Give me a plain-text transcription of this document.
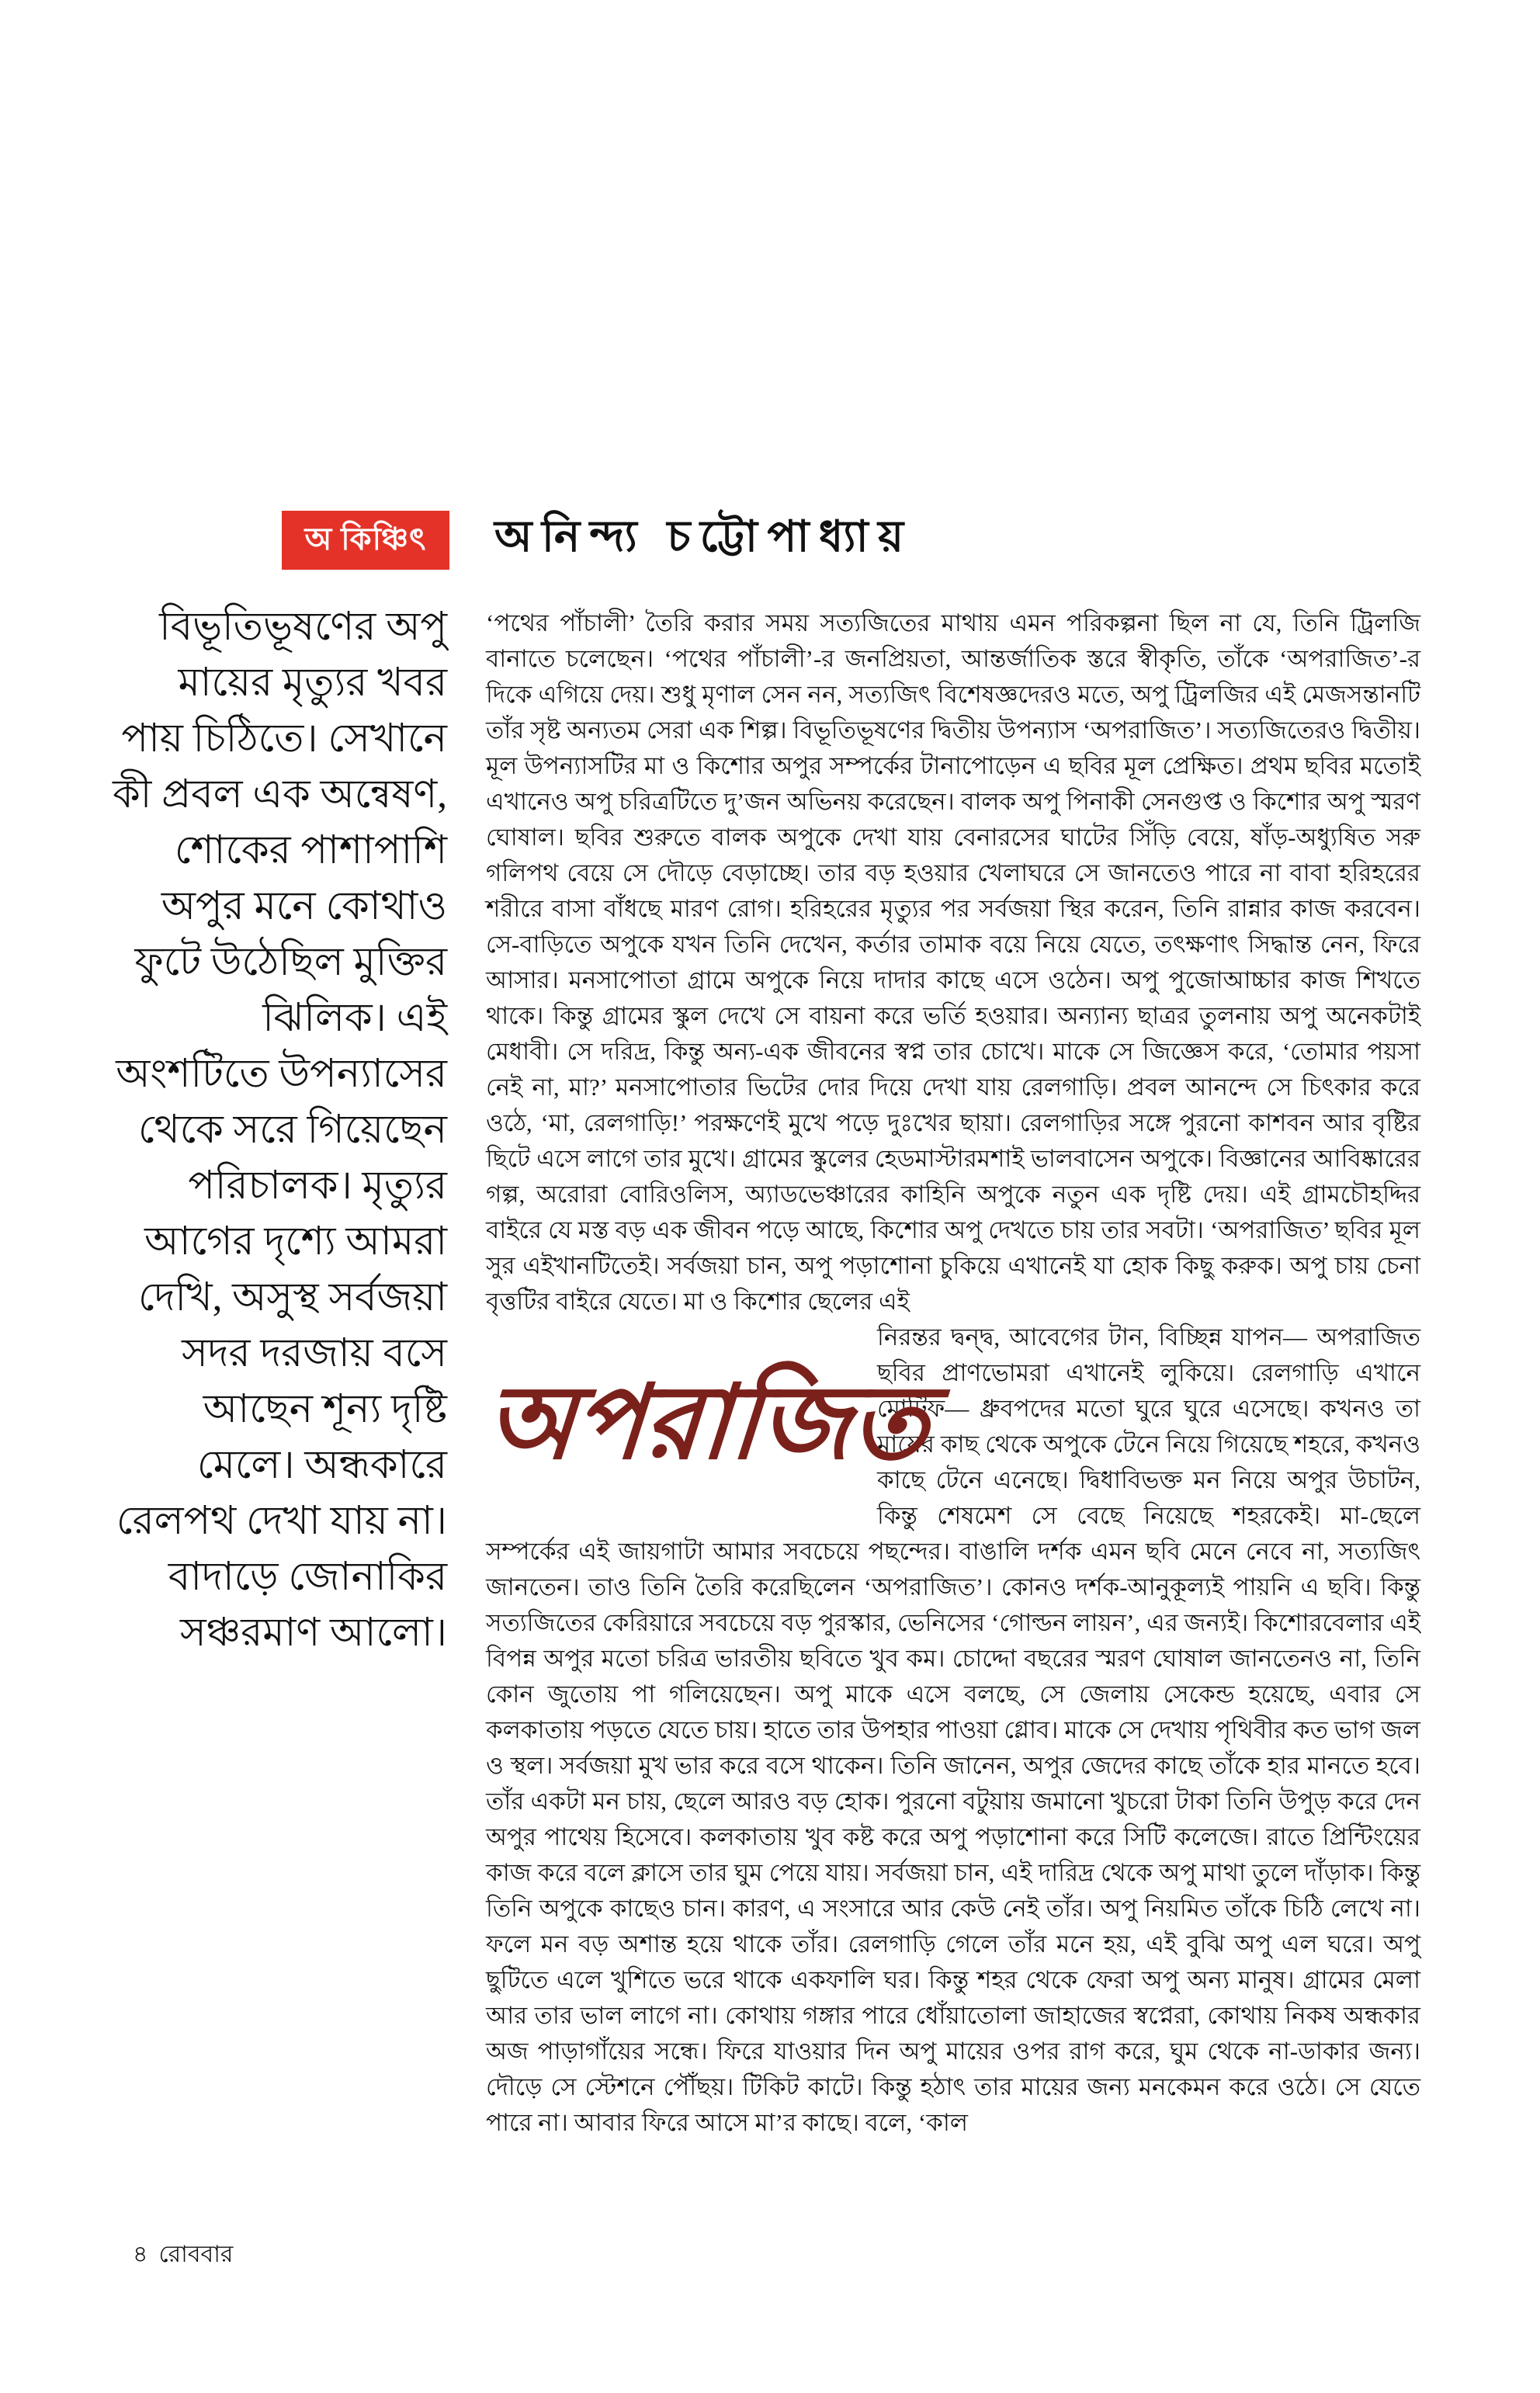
অ কিঞ্চিৎ	অনিন্দ্য চট্টোপাধ্যায়
বিভূতিভূষণের অপু মায়ের মৃত্যুর খবর পায় চিঠিতে। সেখানে কী প্রবল এক অন্বেষণ, শোকের পাশাপাশি অপুর মনে কোথাও ফুটে উঠেছিল মুক্তির ঝিলিক। এই অংশটিতে উপন্যাসের থেকে সরে গিয়েছেন পরিচালক। মৃত্যুর আগের দৃশ্যে আমরা দেখি, অসুস্থ সর্বজয়া সদর দরজায় বসে আছেন শূন্য দৃষ্টি মেলে। অন্ধকারে রেলপথ দেখা যায় না। বাদাড়ে জোনাকির সঞ্চরমাণ আলো।

‘পথের পাঁচালী’ তৈরি করার সময় সত্যজিতের মাথায় এমন পরিকল্পনা ছিল না যে, তিনি ট্রিলজি বানাতে চলেছেন। ‘পথের পাঁচালী’-র জনপ্রিয়তা, আন্তর্জাতিক স্তরে স্বীকৃতি, তাঁকে ‘অপরাজিত’-র দিকে এগিয়ে দেয়। শুধু মৃণাল সেন নন, সত্যজিৎ বিশেষজ্ঞদেরও মতে, অপু ট্রিলজির এই মেজসন্তানটি তাঁর সৃষ্ট অন্যতম সেরা এক শিল্প। বিভূতিভূষণের দ্বিতীয় উপন্যাস ‘অপরাজিত’। সত্যজিতেরও দ্বিতীয়। মূল উপন্যাসটির মা ও কিশোর অপুর সম্পর্কের টানাপোড়েন এ ছবির মূল প্রেক্ষিত। প্রথম ছবির মতোই এখানেও অপু চরিত্রটিতে দু’জন অভিনয় করেছেন। বালক অপু পিনাকী সেনগুপ্ত ও কিশোর অপু স্মরণ ঘোষাল। ছবির শুরুতে বালক অপুকে দেখা যায় বেনারসের ঘাটের সিঁড়ি বেয়ে, ষাঁড়-অধ্যুষিত সরু গলিপথ বেয়ে সে দৌড়ে বেড়াচ্ছে। তার বড় হওয়ার খেলাঘরে সে জানতেও পারে না বাবা হরিহরের শরীরে বাসা বাঁধছে মারণ রোগ। হরিহরের মৃত্যুর পর সর্বজয়া স্থির করেন, তিনি রান্নার কাজ করবেন। সে-বাড়িতে অপুকে যখন তিনি দেখেন, কর্তার তামাক বয়ে নিয়ে যেতে, তৎক্ষণাৎ সিদ্ধান্ত নেন, ফিরে আসার। মনসাপোতা গ্রামে অপুকে নিয়ে দাদার কাছে এসে ওঠেন। অপু পুজোআচ্চার কাজ শিখতে থাকে। কিন্তু গ্রামের স্কুল দেখে সে বায়না করে ভর্তি হওয়ার। অন্যান্য ছাত্রর তুলনায় অপু অনেকটাই মেধাবী। সে দরিদ্র, কিন্তু অন্য-এক জীবনের স্বপ্ন তার চোখে। মাকে সে জিজ্ঞেস করে, ‘তোমার পয়সা নেই না, মা?’ মনসাপোতার ভিটের দোর দিয়ে দেখা যায় রেলগাড়ি। প্রবল আনন্দে সে চিৎকার করে ওঠে, ‘মা, রেলগাড়ি!’ পরক্ষণেই মুখে পড়ে দুঃখের ছায়া। রেলগাড়ির সঙ্গে পুরনো কাশবন আর বৃষ্টির ছিটে এসে লাগে তার মুখে। গ্রামের স্কুলের হেডমাস্টারমশাই ভালবাসেন অপুকে। বিজ্ঞানের আবিষ্কারের গল্প, অরোরা বোরিওলিস, অ্যাডভেঞ্চারের কাহিনি অপুকে নতুন এক দৃষ্টি দেয়। এই গ্রামচৌহদ্দির বাইরে যে মস্ত বড় এক জীবন পড়ে আছে, কিশোর অপু দেখতে চায় তার সবটা। ‘অপরাজিত’ ছবির মূল সুর এইখানটিতেই। সর্বজয়া চান, অপু পড়াশোনা চুকিয়ে এখানেই যা হোক কিছু করুক। অপু চায় চেনা বৃত্তটির বাইরে যেতে। মা ও কিশোর ছেলের এই

অপরাজিত

নিরন্তর দ্বন্দ্ব, আবেগের টান, বিচ্ছিন্ন যাপন— অপরাজিত ছবির প্রাণভোমরা এখানেই লুকিয়ে। রেলগাড়ি এখানে মোটিফ— ধ্রুবপদের মতো ঘুরে ঘুরে এসেছে। কখনও তা মায়ের কাছ থেকে অপুকে টেনে নিয়ে গিয়েছে শহরে, কখনও কাছে টেনে এনেছে। দ্বিধাবিভক্ত মন নিয়ে অপুর উচাটন, কিন্তু শেষমেশ সে বেছে নিয়েছে শহরকেই। মা-ছেলে সম্পর্কের এই জায়গাটা আমার সবচেয়ে পছন্দের। বাঙালি দর্শক এমন ছবি মেনে নেবে না, সত্যজিৎ জানতেন। তাও তিনি তৈরি করেছিলেন ‘অপরাজিত’। কোনও দর্শক-আনুকূল্যই পায়নি এ ছবি। কিন্তু সত্যজিতের কেরিয়ারে সবচেয়ে বড় পুরস্কার, ভেনিসের ‘গোল্ডন লায়ন’, এর জন্যই। কিশোরবেলার এই বিপন্ন অপুর মতো চরিত্র ভারতীয় ছবিতে খুব কম। চোদ্দো বছরের স্মরণ ঘোষাল জানতেনও না, তিনি কোন জুতোয় পা গলিয়েছেন। অপু মাকে এসে বলছে, সে জেলায় সেকেন্ড হয়েছে, এবার সে কলকাতায় পড়তে যেতে চায়। হাতে তার উপহার পাওয়া গ্লোব। মাকে সে দেখায় পৃথিবীর কত ভাগ জল ও স্থল। সর্বজয়া মুখ ভার করে বসে থাকেন। তিনি জানেন, অপুর জেদের কাছে তাঁকে হার মানতে হবে। তাঁর একটা মন চায়, ছেলে আরও বড় হোক। পুরনো বটুয়ায় জমানো খুচরো টাকা তিনি উপুড় করে দেন অপুর পাথেয় হিসেবে। কলকাতায় খুব কষ্ট করে অপু পড়াশোনা করে সিটি কলেজে। রাতে প্রিন্টিংয়ের কাজ করে বলে ক্লাসে তার ঘুম পেয়ে যায়। সর্বজয়া চান, এই দারিদ্র থেকে অপু মাথা তুলে দাঁড়াক। কিন্তু তিনি অপুকে কাছেও চান। কারণ, এ সংসারে আর কেউ নেই তাঁর। অপু নিয়মিত তাঁকে চিঠি লেখে না। ফলে মন বড় অশান্ত হয়ে থাকে তাঁর। রেলগাড়ি গেলে তাঁর মনে হয়, এই বুঝি অপু এল ঘরে। অপু ছুটিতে এলে খুশিতে ভরে থাকে একফালি ঘর। কিন্তু শহর থেকে ফেরা অপু অন্য মানুষ। গ্রামের মেলা আর তার ভাল লাগে না। কোথায় গঙ্গার পারে ধোঁয়াতোলা জাহাজের স্বপ্নেরা, কোথায় নিকষ অন্ধকার অজ পাড়াগাঁয়ের সন্ধে। ফিরে যাওয়ার দিন অপু মায়ের ওপর রাগ করে, ঘুম থেকে না-ডাকার জন্য। দৌড়ে সে স্টেশনে পৌঁছয়। টিকিট কাটে। কিন্তু হঠাৎ তার মায়ের জন্য মনকেমন করে ওঠে। সে যেতে পারে না। আবার ফিরে আসে মা’র কাছে। বলে, ‘কাল

৪ রোববার
